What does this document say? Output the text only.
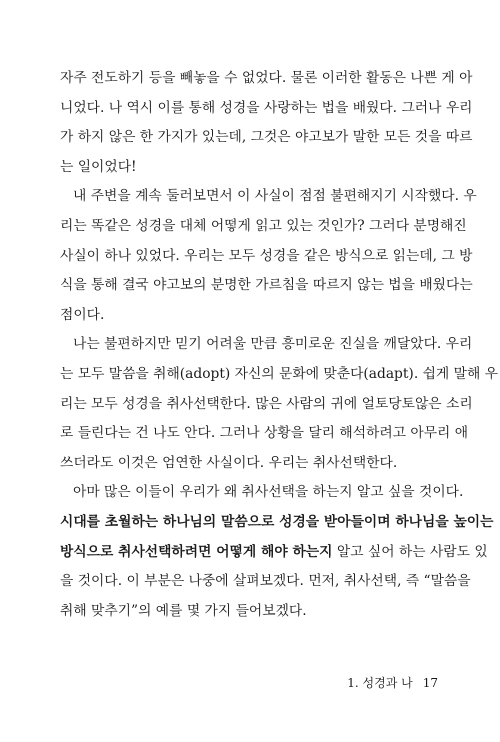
자주 전도하기 등을 빼놓을 수 없었다. 물론 이러한 활동은 나쁜 게 아
니었다. 나 역시 이를 통해 성경을 사랑하는 법을 배웠다. 그러나 우리
가 하지 않은 한 가지가 있는데, 그것은 야고보가 말한 모든 것을 따르
는 일이었다!
내 주변을 계속 둘러보면서 이 사실이 점점 불편해지기 시작했다. 우
리는 똑같은 성경을 대체 어떻게 읽고 있는 것인가? 그러다 분명해진
사실이 하나 있었다. 우리는 모두 성경을 같은 방식으로 읽는데, 그 방
식을 통해 결국 야고보의 분명한 가르침을 따르지 않는 법을 배웠다는
점이다.
나는 불편하지만 믿기 어려울 만큼 흥미로운 진실을 깨달았다. 우리
는 모두 말씀을 취해(adopt) 자신의 문화에 맞춘다(adapt). 쉽게 말해 우
리는 모두 성경을 취사선택한다. 많은 사람의 귀에 얼토당토않은 소리
로 들린다는 건 나도 안다. 그러나 상황을 달리 해석하려고 아무리 애
쓰더라도 이것은 엄연한 사실이다. 우리는 취사선택한다.
아마 많은 이들이 우리가 왜 취사선택을 하는지 알고 싶을 것이다.
시대를 초월하는 하나님의 말씀으로 성경을 받아들이며 하나님을 높이는
방식으로 취사선택하려면 어떻게 해야 하는지 알고 싶어 하는 사람도 있
을 것이다. 이 부분은 나중에 살펴보겠다. 먼저, 취사선택, 즉 “말씀을
취해 맞추기”의 예를 몇 가지 들어보겠다.
1. 성경과 나 17
